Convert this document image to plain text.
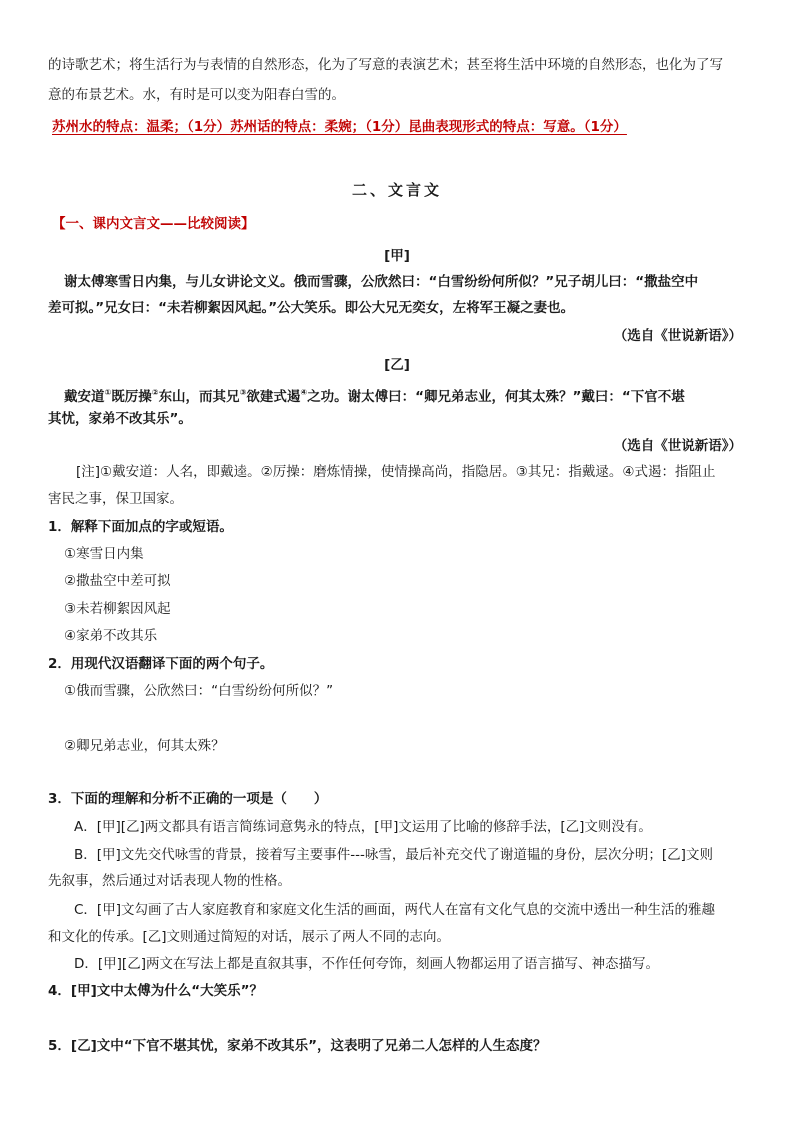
的诗歌艺术；将生活行为与表情的自然形态，化为了写意的表演艺术；甚至将生活中环境的自然形态，也化为了写
意的布景艺术。水，有时是可以变为阳春白雪的。
苏州水的特点：温柔；（1分）苏州话的特点：柔婉；（1分）昆曲表现形式的特点：写意。（1分）
二、文言文
【一、课内文言文——比较阅读】
[甲]
谢太傅寒雪日内集，与儿女讲论文义。俄而雪骤，公欣然曰：“白雪纷纷何所似？”兄子胡儿曰：“撒盐空中
差可拟。”兄女曰：“未若柳絮因风起。”公大笑乐。即公大兄无奕女，左将军王凝之妻也。
（选自《世说新语》）
[乙]
戴安道①既厉操②东山，而其兄③欲建式遏④之功。谢太傅曰：“卿兄弟志业，何其太殊？”戴曰：“下官不堪
其忧，家弟不改其乐”。
（选自《世说新语》）
[注]①戴安道：人名，即戴逵。②厉操：磨炼情操，使情操高尚，指隐居。③其兄：指戴逯。④式遏：指阻止
害民之事，保卫国家。
1．解释下面加点的字或短语。
①寒雪日内集
②撒盐空中差可拟
③未若柳絮因风起
④家弟不改其乐
2．用现代汉语翻译下面的两个句子。
①俄而雪骤，公欣然曰：“白雪纷纷何所似？”
②卿兄弟志业，何其太殊？
3．下面的理解和分析不正确的一项是（　　）
A．[甲][乙]两文都具有语言简练词意隽永的特点，[甲]文运用了比喻的修辞手法，[乙]文则没有。
B．[甲]文先交代咏雪的背景，接着写主要事件---咏雪，最后补充交代了谢道韫的身份，层次分明；[乙]文则
先叙事，然后通过对话表现人物的性格。
C．[甲]文勾画了古人家庭教育和家庭文化生活的画面，两代人在富有文化气息的交流中透出一种生活的雅趣
和文化的传承。[乙]文则通过简短的对话，展示了两人不同的志向。
D．[甲][乙]两文在写法上都是直叙其事，不作任何夸饰，刻画人物都运用了语言描写、神态描写。
4．[甲]文中太傅为什么“大笑乐”？
5．[乙]文中“下官不堪其忧，家弟不改其乐”，这表明了兄弟二人怎样的人生态度？
